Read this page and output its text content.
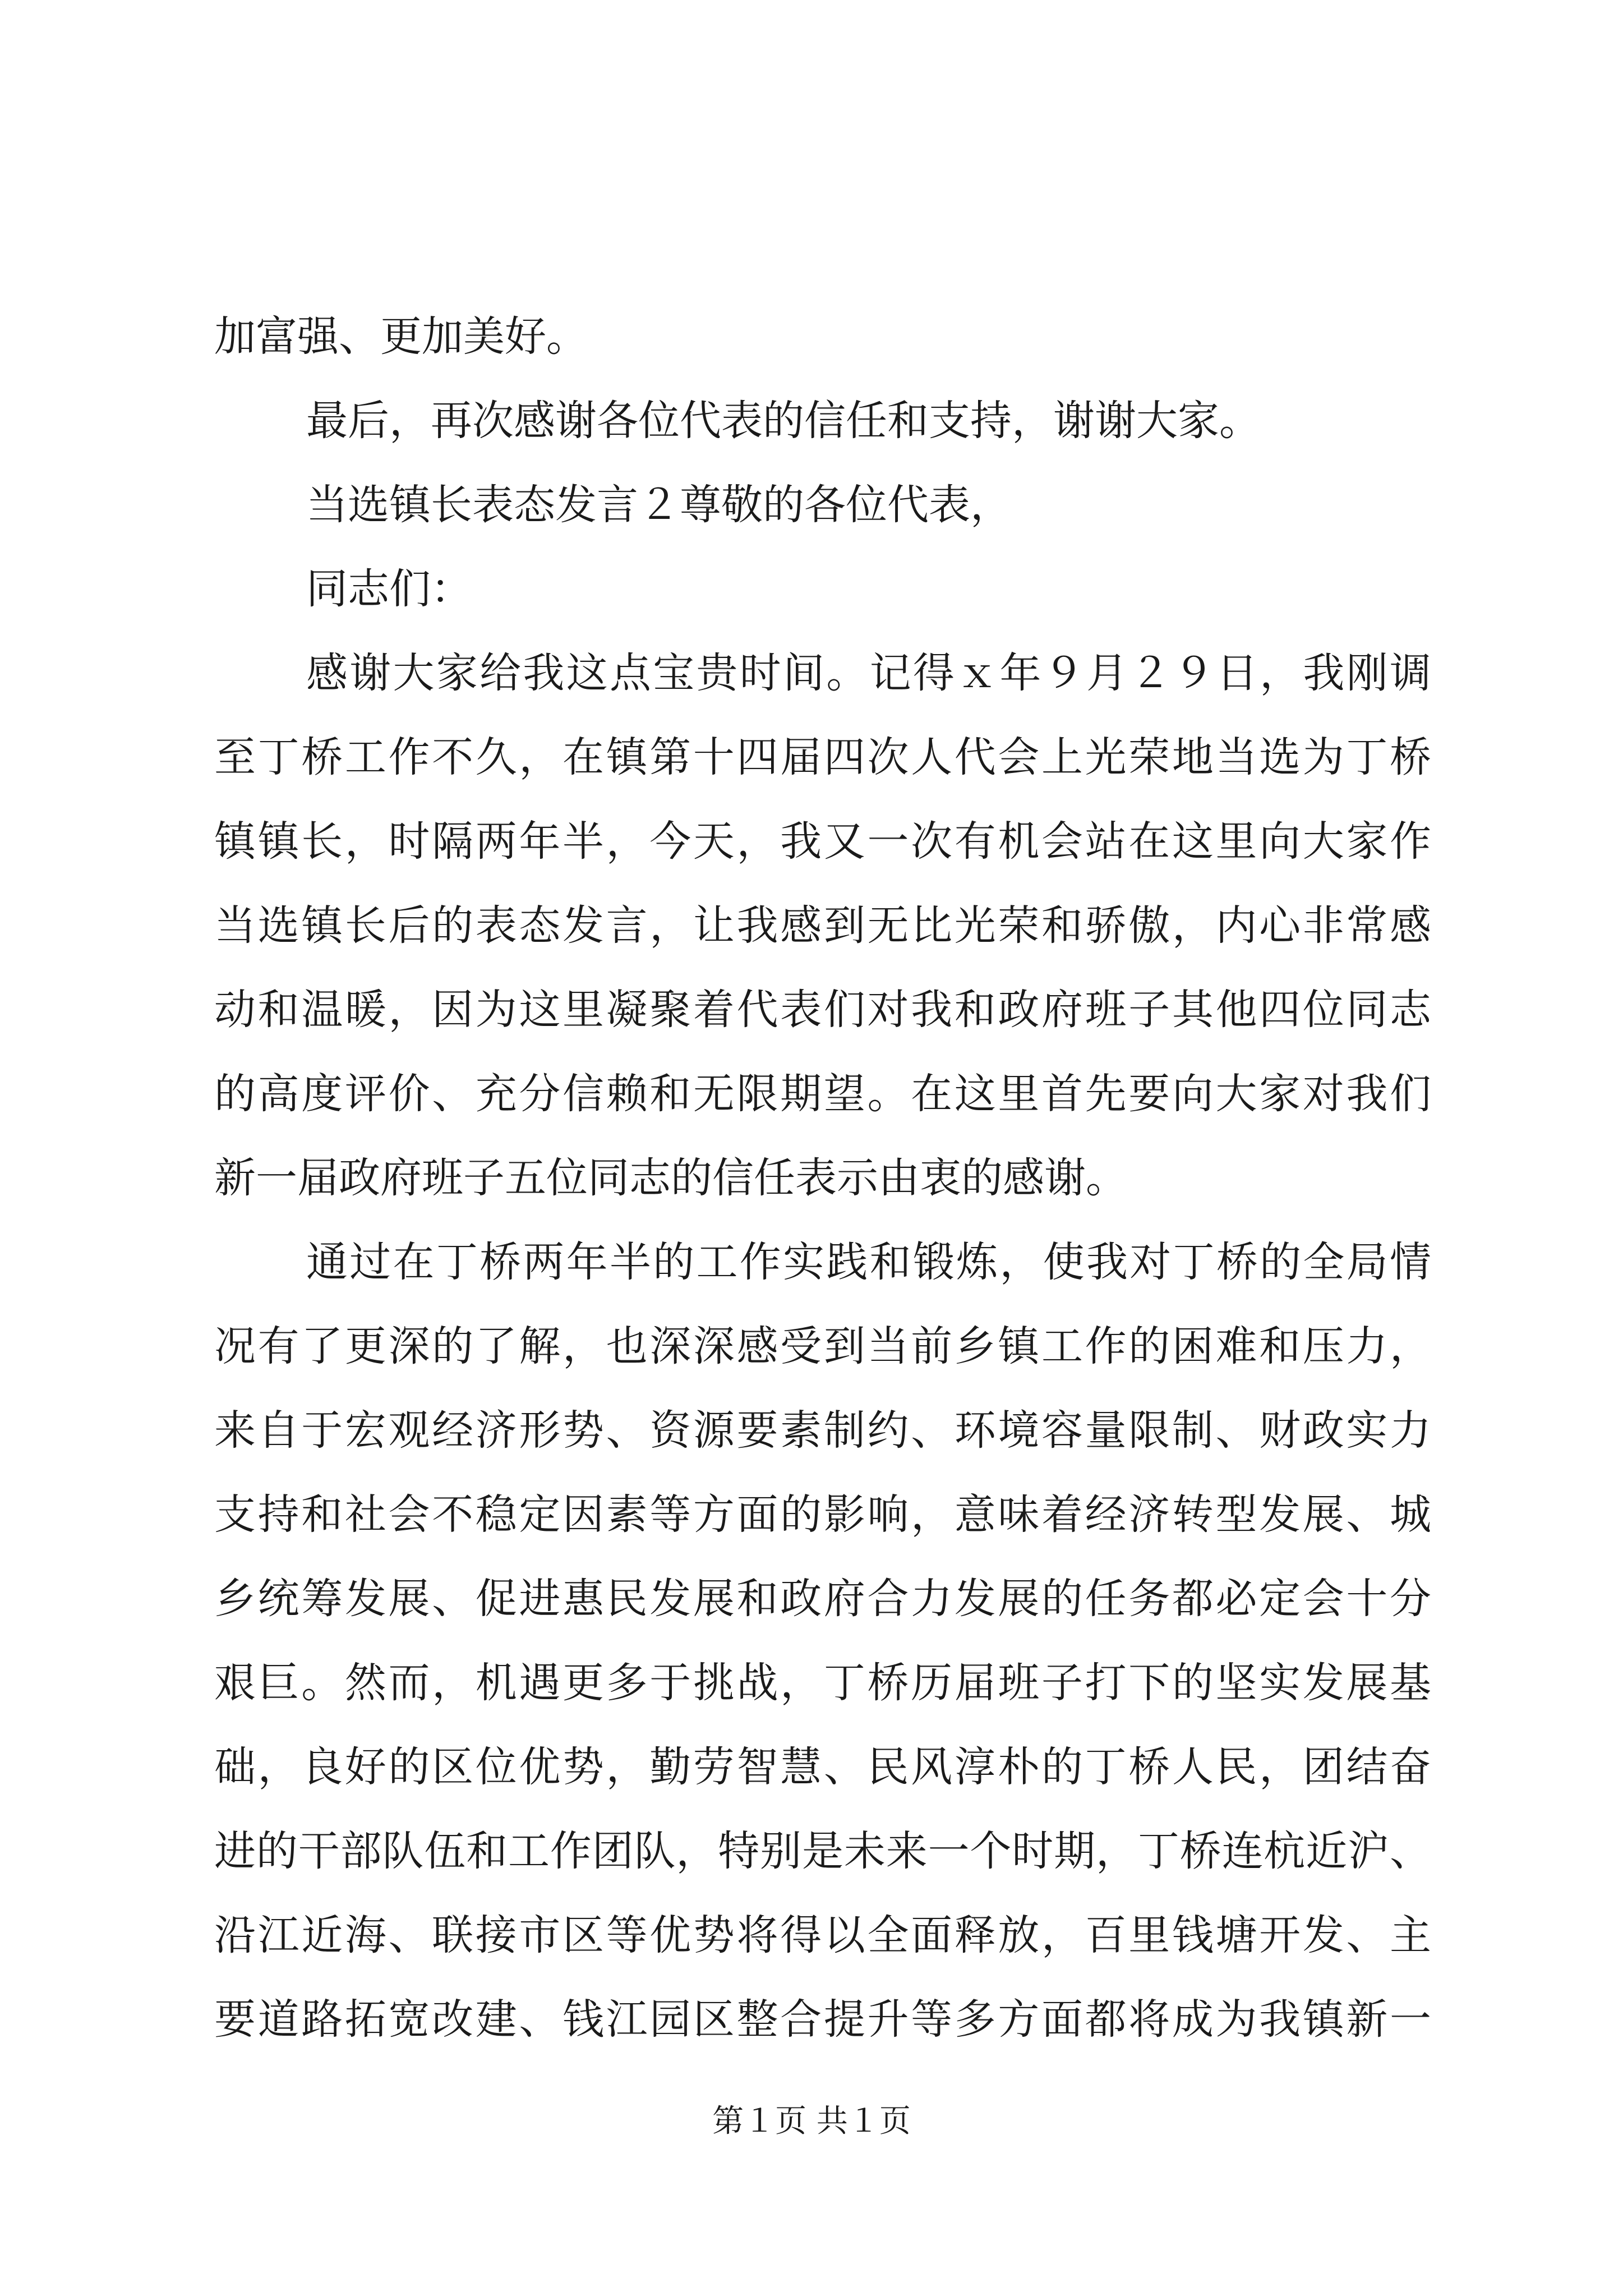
加富强、更加美好。
最后，再次感谢各位代表的信任和支持，谢谢大家。
当选镇长表态发言２尊敬的各位代表，
同志们：
感谢大家给我这点宝贵时间。记得ｘ年９月２９日，我刚调
至丁桥工作不久，在镇第十四届四次人代会上光荣地当选为丁桥
镇镇长，时隔两年半，今天，我又一次有机会站在这里向大家作
当选镇长后的表态发言，让我感到无比光荣和骄傲，内心非常感
动和温暖，因为这里凝聚着代表们对我和政府班子其他四位同志
的高度评价、充分信赖和无限期望。在这里首先要向大家对我们
新一届政府班子五位同志的信任表示由衷的感谢。
通过在丁桥两年半的工作实践和锻炼，使我对丁桥的全局情
况有了更深的了解，也深深感受到当前乡镇工作的困难和压力，
来自于宏观经济形势、资源要素制约、环境容量限制、财政实力
支持和社会不稳定因素等方面的影响，意味着经济转型发展、城
乡统筹发展、促进惠民发展和政府合力发展的任务都必定会十分
艰巨。然而，机遇更多于挑战，丁桥历届班子打下的坚实发展基
础，良好的区位优势，勤劳智慧、民风淳朴的丁桥人民，团结奋
进的干部队伍和工作团队，特别是未来一个时期，丁桥连杭近沪、
沿江近海、联接市区等优势将得以全面释放，百里钱塘开发、主
要道路拓宽改建、钱江园区整合提升等多方面都将成为我镇新一
第１页 共１页
